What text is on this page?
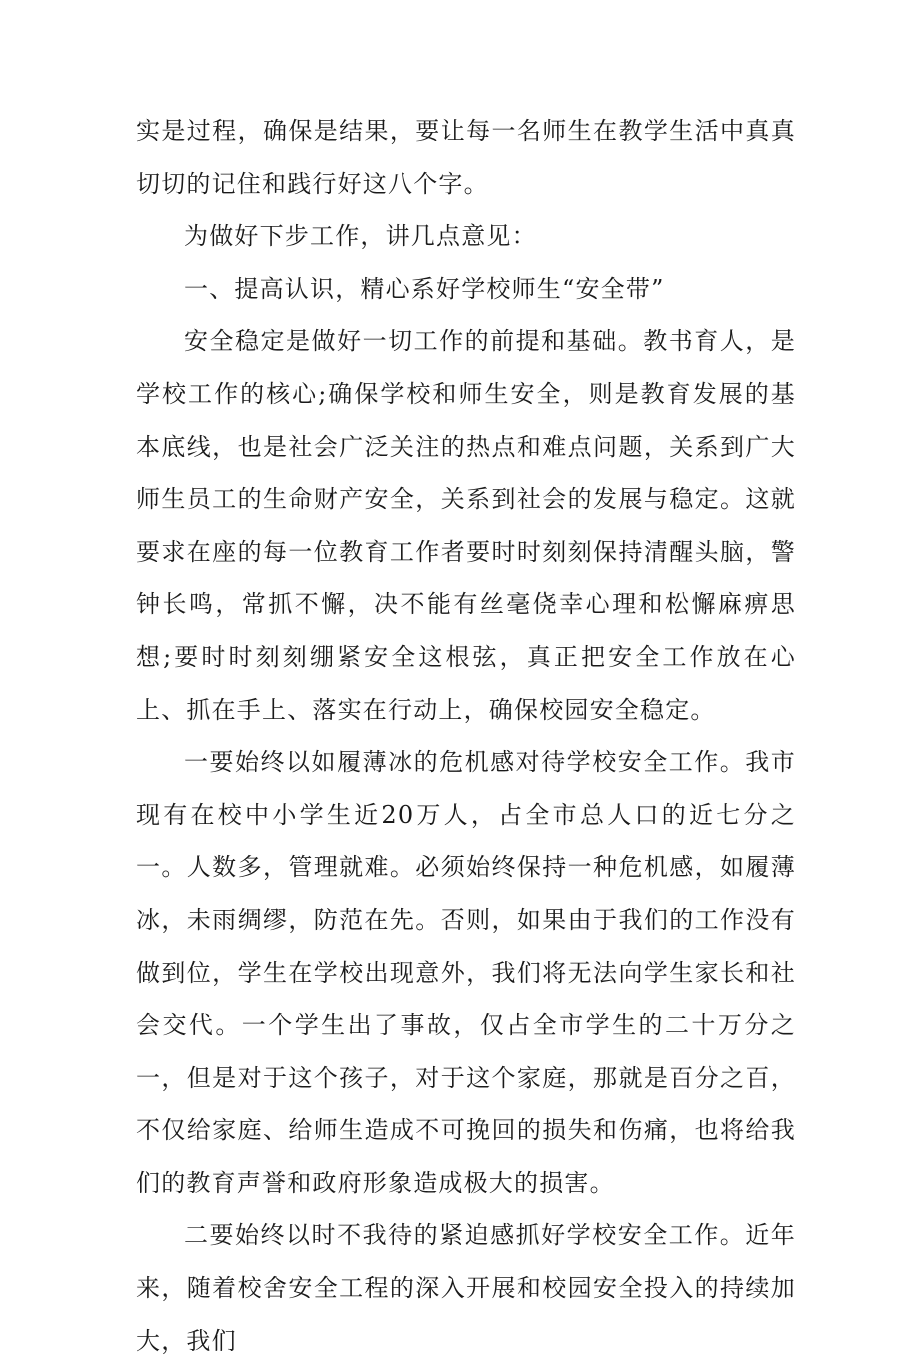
实是过程，确保是结果，要让每一名师生在教学生活中真真切切的记住和践行好这八个字。

为做好下步工作，讲几点意见：

一、提高认识，精心系好学校师生“安全带”

安全稳定是做好一切工作的前提和基础。教书育人，是学校工作的核心;确保学校和师生安全，则是教育发展的基本底线，也是社会广泛关注的热点和难点问题，关系到广大师生员工的生命财产安全，关系到社会的发展与稳定。这就要求在座的每一位教育工作者要时时刻刻保持清醒头脑，警钟长鸣，常抓不懈，决不能有丝毫侥幸心理和松懈麻痹思想;要时时刻刻绷紧安全这根弦，真正把安全工作放在心上、抓在手上、落实在行动上，确保校园安全稳定。

一要始终以如履薄冰的危机感对待学校安全工作。我市现有在校中小学生近20万人，占全市总人口的近七分之一。人数多，管理就难。必须始终保持一种危机感，如履薄冰，未雨绸缪，防范在先。否则，如果由于我们的工作没有做到位，学生在学校出现意外，我们将无法向学生家长和社会交代。一个学生出了事故，仅占全市学生的二十万分之一，但是对于这个孩子，对于这个家庭，那就是百分之百，不仅给家庭、给师生造成不可挽回的损失和伤痛，也将给我们的教育声誉和政府形象造成极大的损害。

二要始终以时不我待的紧迫感抓好学校安全工作。近年来，随着校舍安全工程的深入开展和校园安全投入的持续加大，我们
